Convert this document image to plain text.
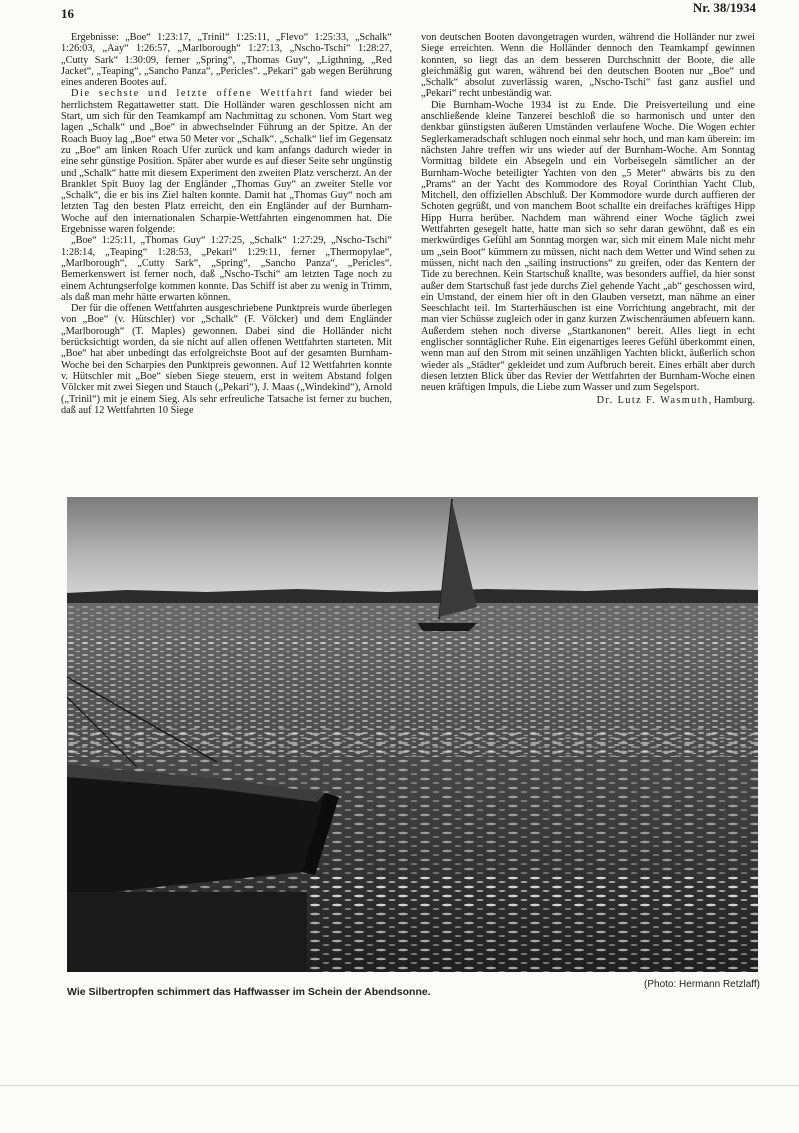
16	Nr. 38/1934

Ergebnisse: „Boe“ 1:23:17, „Trinil“ 1:25:11, „Flevo“ 1:25:33, „Schalk“ 1:26:03, „Aay“ 1:26:57, „Marlborough“ 1:27:13, „Nscho-Tschi“ 1:28:27, „Cutty Sark“ 1:30:09, ferner „Spring“, „Thomas Guy“, „Ligthning, „Red Jacket“, „Teaping“, „Sancho Panza“, „Pericles“. „Pekari“ gab wegen Berührung eines anderen Bootes auf.

Die sechste und letzte offene Wettfahrt fand wieder bei herrlichstem Regattawetter statt. Die Holländer waren geschlossen nicht am Start, um sich für den Teamkampf am Nachmittag zu schonen. Vom Start weg lagen „Schalk“ und „Boe“ in abwechselnder Führung an der Spitze. An der Roach Buoy lag „Boe“ etwa 50 Meter vor „Schalk“. „Schalk“ lief im Gegensatz zu „Boe“ am linken Roach Ufer zurück und kam anfangs dadurch wieder in eine sehr günstige Position. Später aber wurde es auf dieser Seite sehr ungünstig und „Schalk“ hatte mit diesem Experiment den zweiten Platz verscherzt. An der Branklet Spit Buoy lag der Engländer „Thomas Guy“ an zweiter Stelle vor „Schalk“, die er bis ins Ziel halten konnte. Damit hat „Thomas Guy“ noch am letzten Tag den besten Platz erreicht, den ein Engländer auf der Burnham-Woche auf den internationalen Scharpie-Wettfahrten eingenommen hat. Die Ergebnisse waren folgende:

„Boe“ 1:25:11, „Thomas Guy“ 1:27:25, „Schalk“ 1:27:29, „Nscho-Tschi“ 1:28:14, „Teaping“ 1:28:53, „Pekari“ 1:29:11, ferner „Thermopylae“, „Marlborough“, „Cutty Sark“, „Spring“, „Sancho Panza“, „Pericles“. Bemerkenswert ist ferner noch, daß „Nscho-Tschi“ am letzten Tage noch zu einem Achtungserfolge kommen konnte. Das Schiff ist aber zu wenig in Trimm, als daß man mehr hätte erwarten können.

Der für die offenen Wettfahrten ausgeschriebene Punktpreis wurde überlegen von „Boe“ (v. Hütschler) vor „Schalk“ (F. Völcker) und dem Engländer „Marlborough“ (T. Maples) gewonnen. Dabei sind die Holländer nicht berücksichtigt worden, da sie nicht auf allen offenen Wettfahrten starteten. Mit „Boe“ hat aber unbedingt das erfolgreichste Boot auf der gesamten Burnham-Woche bei den Scharpies den Punktpreis gewonnen. Auf 12 Wettfahrten konnte v. Hütschler mit „Boe“ sieben Siege steuern, erst in weitem Abstand folgen Völcker mit zwei Siegen und Stauch („Pekari“), J. Maas („Windekind“), Arnold („Trinil“) mit je einem Sieg. Als sehr erfreuliche Tatsache ist ferner zu buchen, daß auf 12 Wettfahrten 10 Siege

von deutschen Booten davongetragen wurden, während die Holländer nur zwei Siege erreichten. Wenn die Holländer dennoch den Teamkampf gewinnen konnten, so liegt das an dem besseren Durchschnitt der Boote, die alle gleichmäßig gut waren, während bei den deutschen Booten nur „Boe“ und „Schalk“ absolut zuverlässig waren, „Nscho-Tschi“ fast ganz ausfiel und „Pekari“ recht unbeständig war.

Die Burnham-Woche 1934 ist zu Ende. Die Preisverteilung und eine anschließende kleine Tanzerei beschloß die so harmonisch und unter den denkbar günstigsten äußeren Umständen verlaufene Woche. Die Wogen echter Seglerkameradschaft schlugen noch einmal sehr hoch, und man kam überein: im nächsten Jahre treffen wir uns wieder auf der Burnham-Woche. Am Sonntag Vormittag bildete ein Absegeln und ein Vorbeisegeln sämtlicher an der Burnham-Woche beteiligter Yachten von den „5 Meter“ abwärts bis zu den „Prams“ an der Yacht des Kommodore des Royal Corinthian Yacht Club, Mitchell, den offiziellen Abschluß. Der Kommodore wurde durch auffieren der Schoten gegrüßt, und von manchem Boot schallte ein dreifaches kräftiges Hipp Hipp Hurra herüber. Nachdem man während einer Woche täglich zwei Wettfahrten gesegelt hatte, hatte man sich so sehr daran gewöhnt, daß es ein merkwürdiges Gefühl am Sonntag morgen war, sich mit einem Male nicht mehr um „sein Boot“ kümmern zu müssen, nicht nach dem Wetter und Wind sehen zu müssen, nicht nach den „sailing instructions“ zu greifen, oder das Kentern der Tide zu berechnen. Kein Startschuß knallte, was besonders auffiel, da hier sonst außer dem Startschuß fast jede durchs Ziel gehende Yacht „ab“ geschossen wird, ein Umstand, der einem hier oft in den Glauben versetzt, man nähme an einer Seeschlacht teil. Im Starterhäuschen ist eine Vorrichtung angebracht, mit der man vier Schüsse zugleich oder in ganz kurzen Zwischenräumen abfeuern kann. Außerdem stehen noch diverse „Startkanonen“ bereit. Alles liegt in echt englischer sonntäglicher Ruhe. Ein eigenartiges leeres Gefühl überkommt einen, wenn man auf den Strom mit seinen unzähligen Yachten blickt, äußerlich schon wieder als „Städter“ gekleidet und zum Aufbruch bereit. Eines erhält aber durch diesen letzten Blick über das Revier der Wettfahrten der Burnham-Woche einen neuen kräftigen Impuls, die Liebe zum Wasser und zum Segelsport.

Dr. Lutz F. Wasmuth, Hamburg.
Wie Silbertropfen schimmert das Haffwasser im Schein der Abendsonne.
(Photo: Hermann Retzlaff)
